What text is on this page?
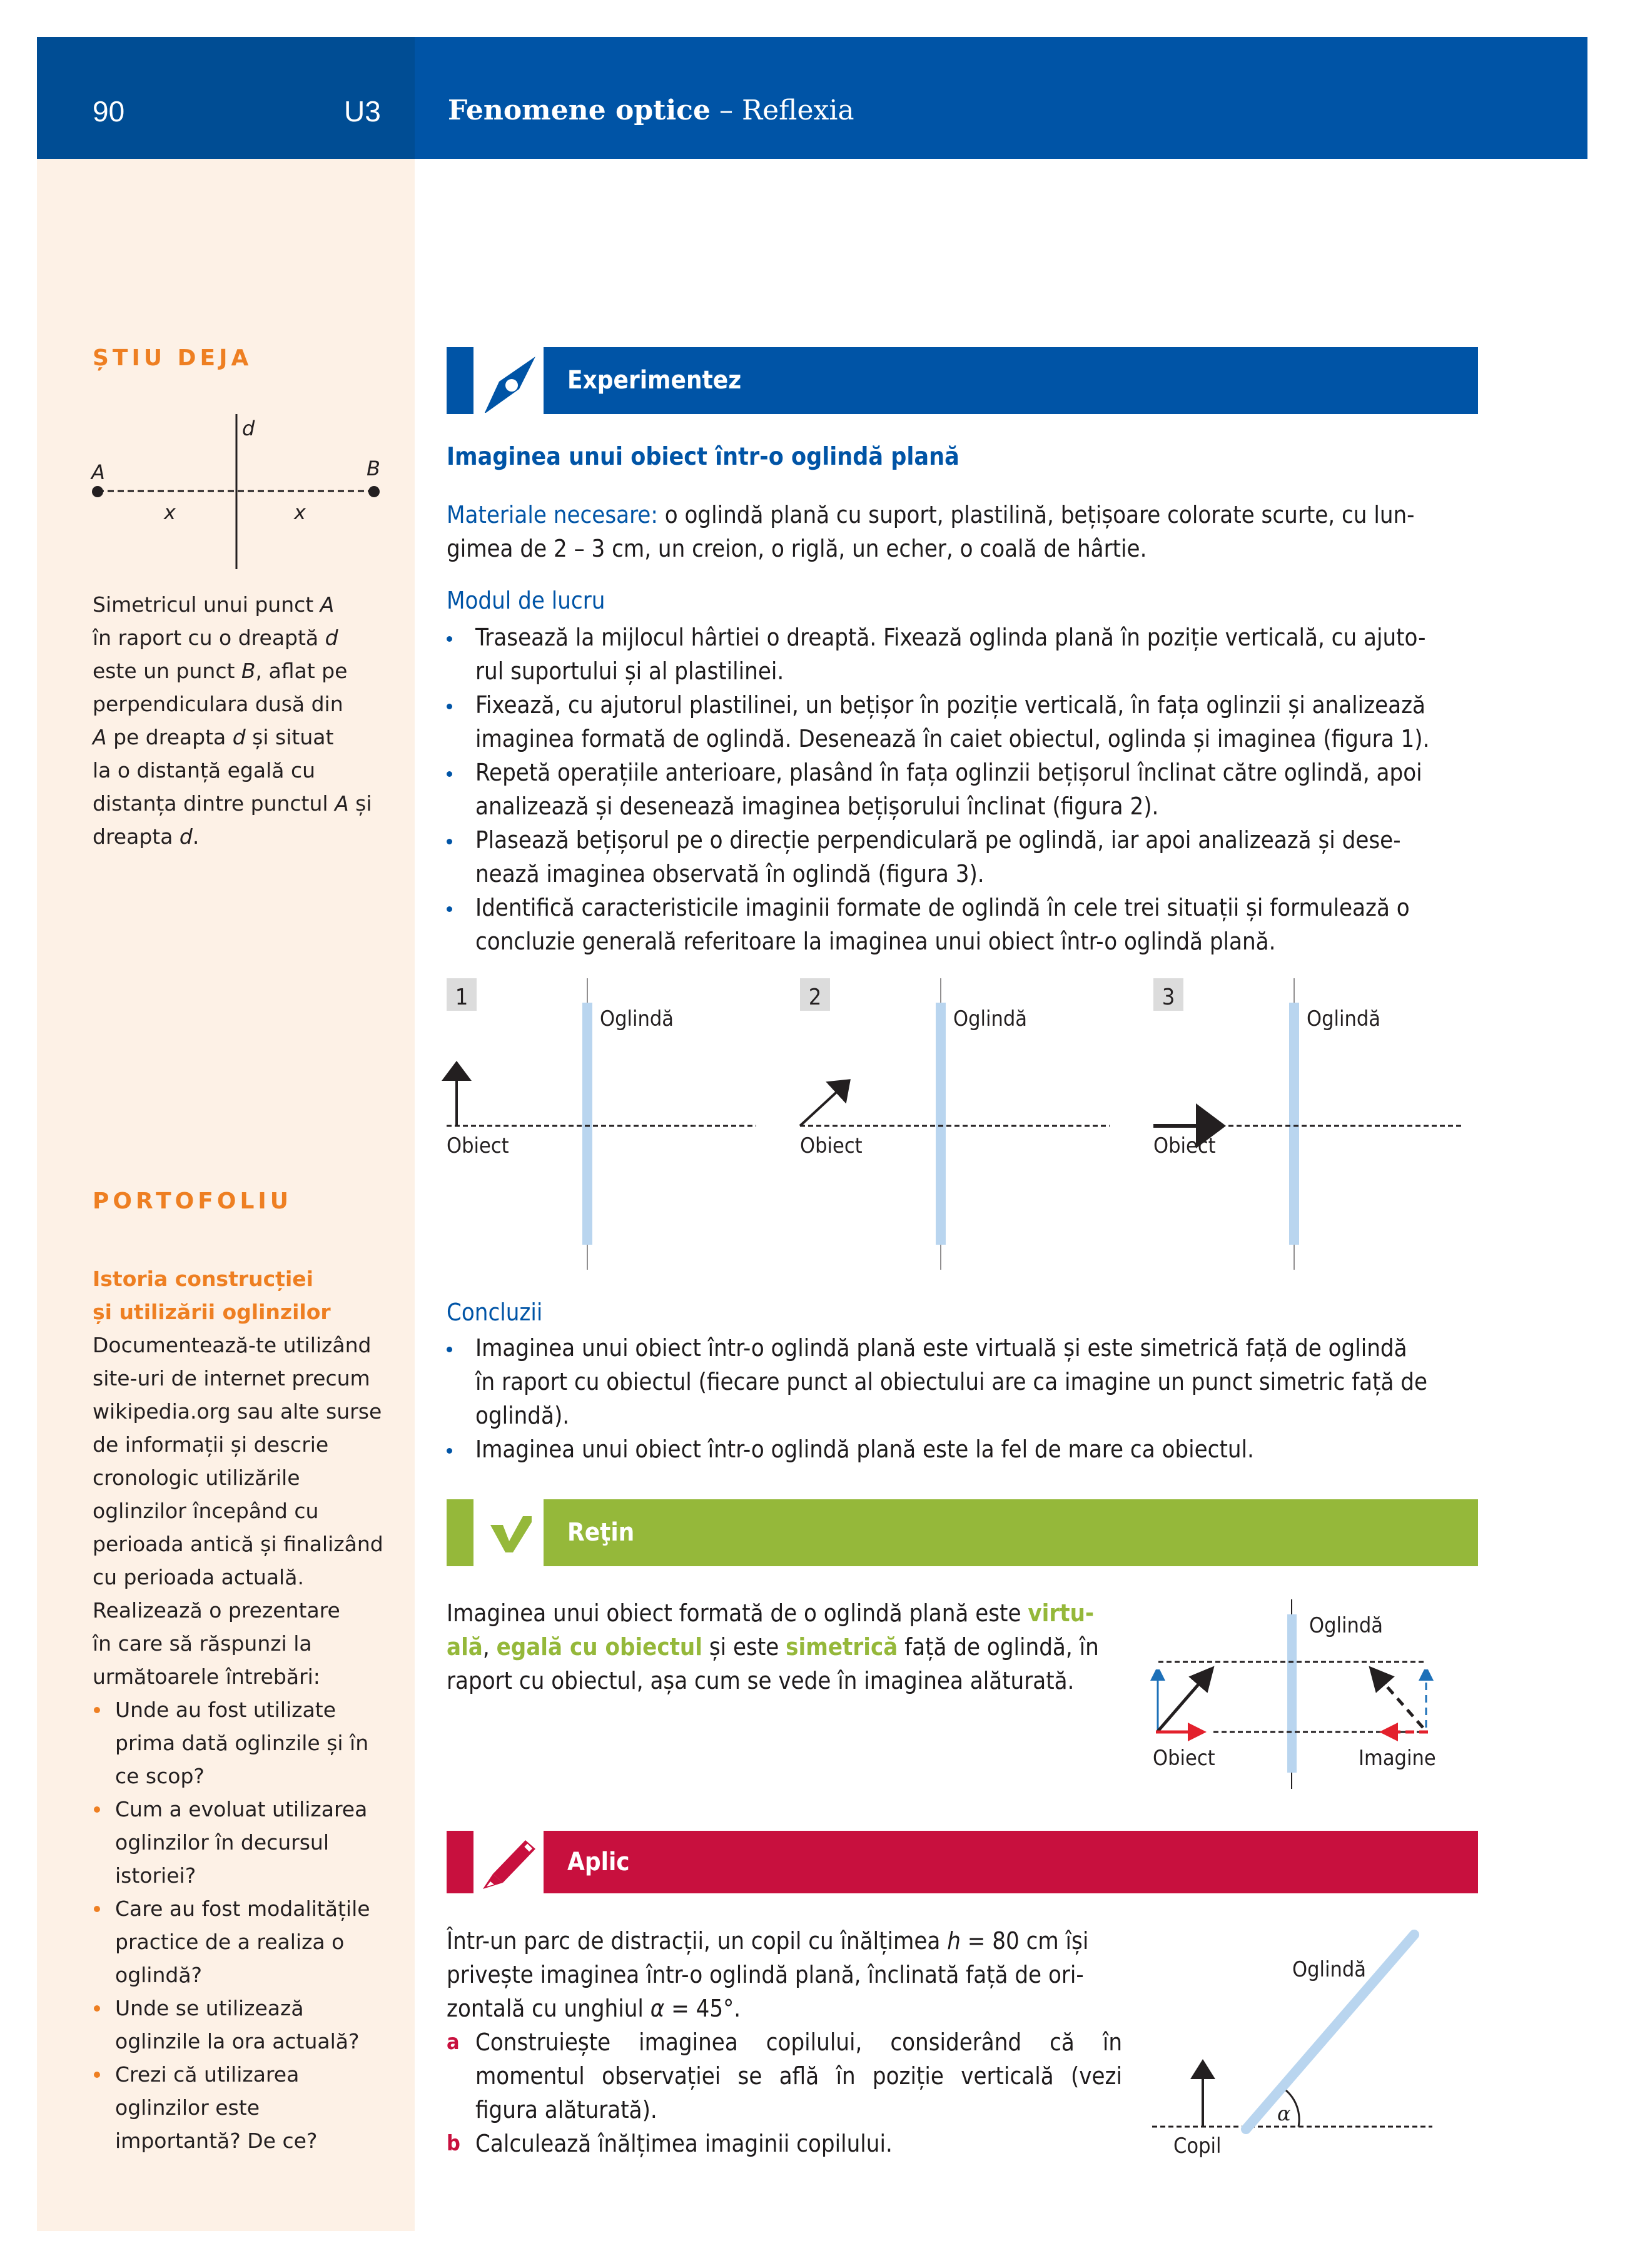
90	U3 Fenomene optice – Reflexia
ȘTIU DEJA
d
A	B
x	x
Simetricul unui punct A
în raport cu o dreaptă d
este un punct B, aflat pe
perpendiculara dusă din
A pe dreapta d și situat
la o distanță egală cu
distanța dintre punctul A și
dreapta d.
PORTOFOLIU
Istoria construcției
și utilizării oglinzilor
Documentează-te utilizând
site-uri de internet precum
wikipedia.org sau alte surse
de informații și descrie
cronologic utilizările
oglinzilor începând cu
perioada antică și finalizând
cu perioada actuală.
Realizează o prezentare
în care să răspunzi la
următoarele întrebări:
Unde au fost utilizate
prima dată oglinzile și în
ce scop?
Cum a evoluat utilizarea
oglinzilor în decursul
istoriei?
Care au fost modalitățile
practice de a realiza o
oglindă?
Unde se utilizează
oglinzile la ora actuală?
Crezi că utilizarea
oglinzilor este
importantă? De ce?
Experimentez
Imaginea unui obiect într-o oglindă plană
Materiale necesare: o oglindă plană cu suport, plastilină, bețișoare colorate scurte, cu lun-
gimea de 2 – 3 cm, un creion, o riglă, un echer, o coală de hârtie.
Modul de lucru
Trasează la mijlocul hârtiei o dreaptă. Fixează oglinda plană în poziție verticală, cu ajuto-
rul suportului și al plastilinei.
Fixează, cu ajutorul plastilinei, un bețișor în poziție verticală, în fața oglinzii și analizează
imaginea formată de oglindă. Desenează în caiet obiectul, oglinda și imaginea (figura 1).
Repetă operațiile anterioare, plasând în fața oglinzii bețișorul înclinat către oglindă, apoi
analizează și desenează imaginea bețișorului înclinat (figura 2).
Plasează bețișorul pe o direcție perpendiculară pe oglindă, iar apoi analizează și dese-
nează imaginea observată în oglindă (figura 3).
Identifică caracteristicile imaginii formate de oglindă în cele trei situații și formulează o
concluzie generală referitoare la imaginea unui obiect într-o oglindă plană.
1
Oglindă
Obiect
2
Oglindă
Obiect
3
Oglindă
Obiect
Concluzii
Imaginea unui obiect într-o oglindă plană este virtuală și este simetrică față de oglindă
în raport cu obiectul (fiecare punct al obiectului are ca imagine un punct simetric față de
oglindă).
Imaginea unui obiect într-o oglindă plană este la fel de mare ca obiectul.
Reţin
Imaginea unui obiect formată de o oglindă plană este virtu-
ală, egală cu obiectul și este simetrică față de oglindă, în
raport cu obiectul, așa cum se vede în imaginea alăturată.
Oglindă
Obiect	Imagine
Aplic
Într-un parc de distracții, un copil cu înălțimea h = 80 cm își
privește imaginea într-o oglindă plană, înclinată față de ori-
zontală cu unghiul α = 45°.
a Construiește imaginea copilului, considerând că în
momentul observației se află în poziție verticală (vezi
figura alăturată).
b Calculează înălțimea imaginii copilului.
α
Oglindă
Copil
